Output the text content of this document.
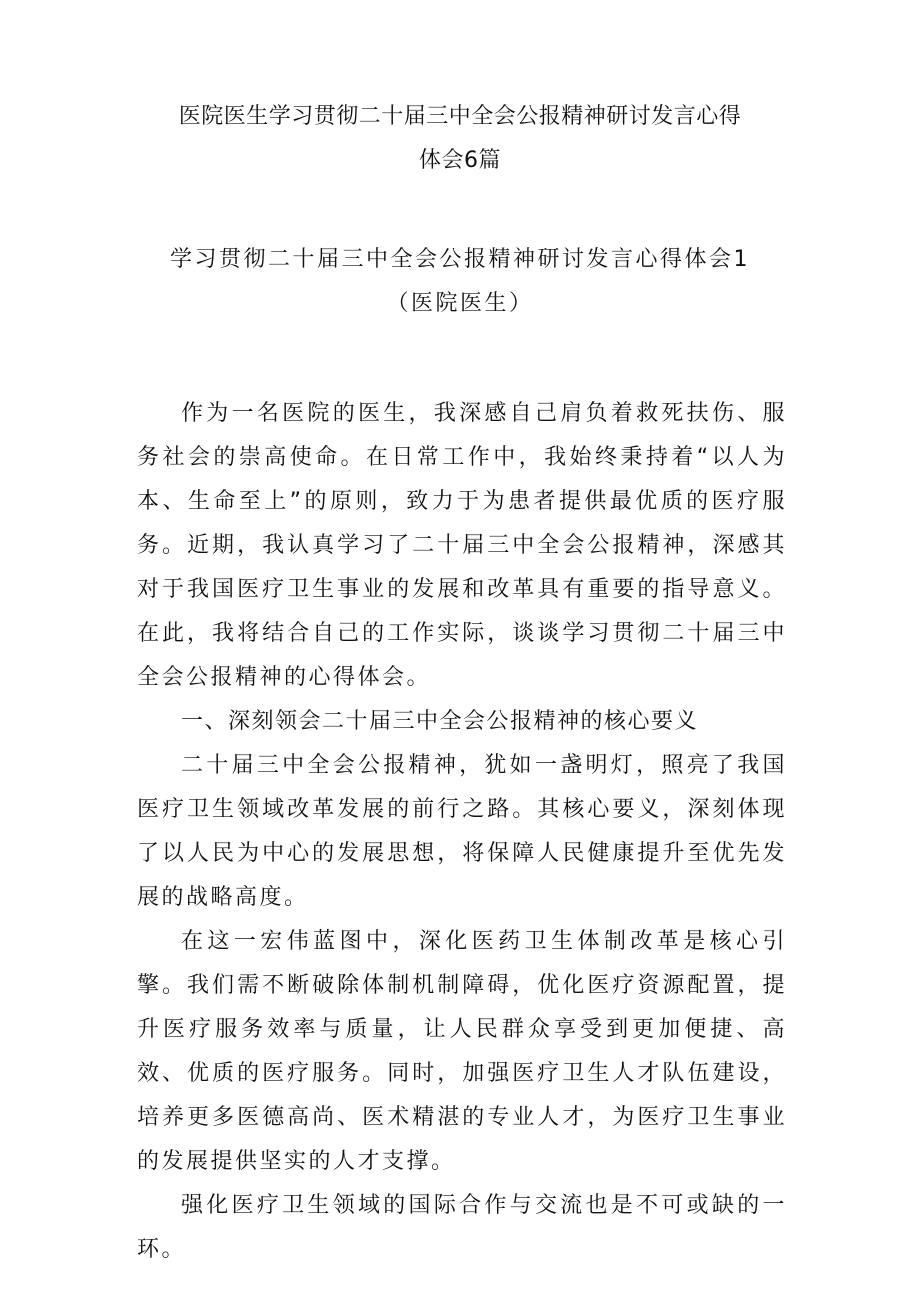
医院医生学习贯彻二十届三中全会公报精神研讨发言心得
体会6篇
学习贯彻二十届三中全会公报精神研讨发言心得体会1
（医院医生）

作为一名医院的医生，我深感自己肩负着救死扶伤、服务社会的崇高使命。在日常工作中，我始终秉持着“以人为本、生命至上”的原则，致力于为患者提供最优质的医疗服务。近期，我认真学习了二十届三中全会公报精神，深感其对于我国医疗卫生事业的发展和改革具有重要的指导意义。在此，我将结合自己的工作实际，谈谈学习贯彻二十届三中全会公报精神的心得体会。

一、深刻领会二十届三中全会公报精神的核心要义

二十届三中全会公报精神，犹如一盏明灯，照亮了我国医疗卫生领域改革发展的前行之路。其核心要义，深刻体现了以人民为中心的发展思想，将保障人民健康提升至优先发展的战略高度。

在这一宏伟蓝图中，深化医药卫生体制改革是核心引擎。我们需不断破除体制机制障碍，优化医疗资源配置，提升医疗服务效率与质量，让人民群众享受到更加便捷、高效、优质的医疗服务。同时，加强医疗卫生人才队伍建设，培养更多医德高尚、医术精湛的专业人才，为医疗卫生事业的发展提供坚实的人才支撑。

强化医疗卫生领域的国际合作与交流也是不可或缺的一环。
